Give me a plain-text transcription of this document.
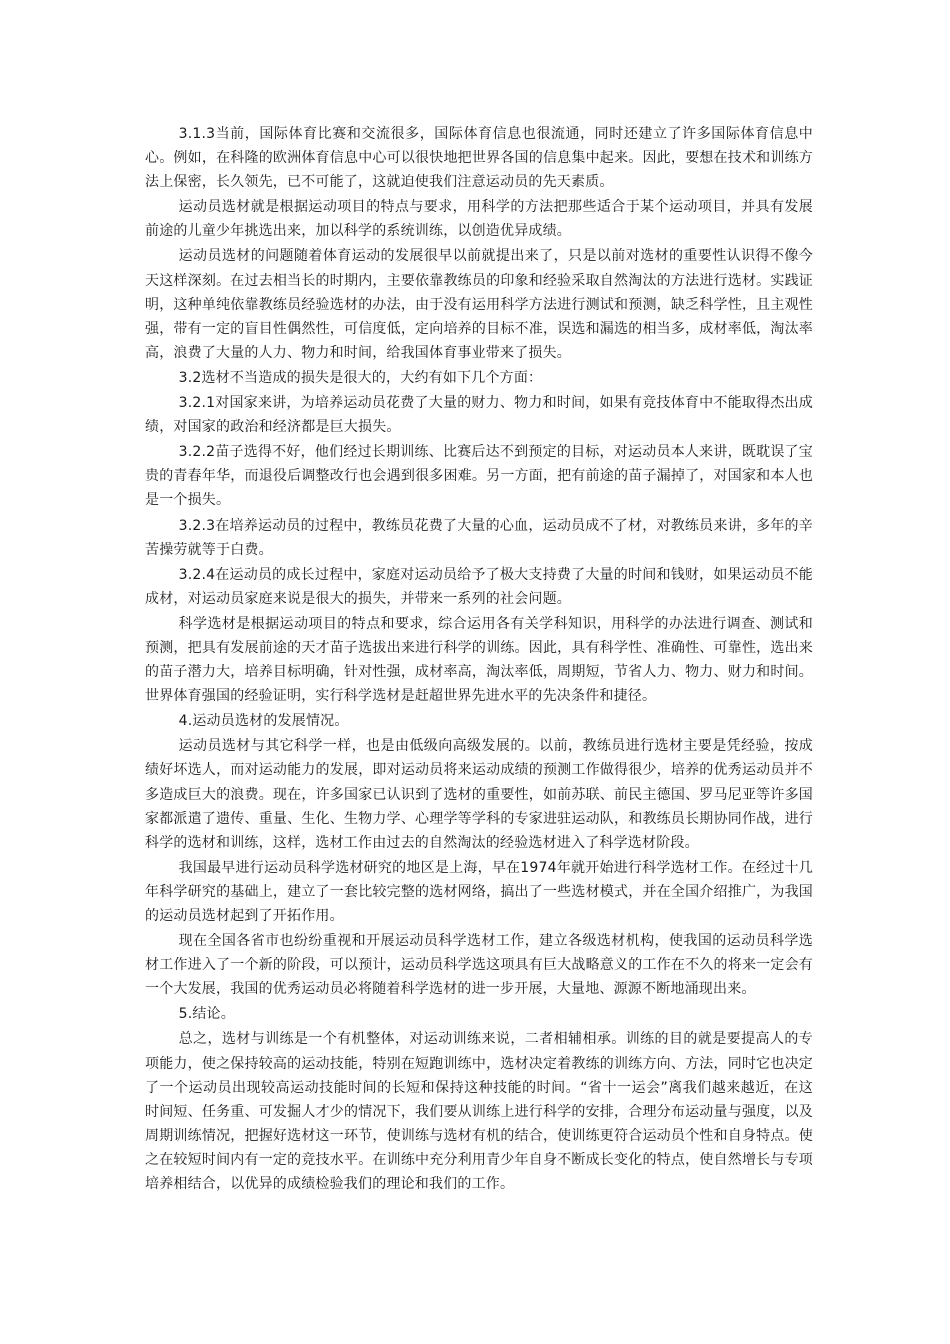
3.1.3当前，国际体育比赛和交流很多，国际体育信息也很流通，同时还建立了许多国际体育信息中心。例如，在科隆的欧洲体育信息中心可以很快地把世界各国的信息集中起来。因此，要想在技术和训练方法上保密，长久领先，已不可能了，这就迫使我们注意运动员的先天素质。

运动员选材就是根据运动项目的特点与要求，用科学的方法把那些适合于某个运动项目，并具有发展前途的儿童少年挑选出来，加以科学的系统训练，以创造优异成绩。

运动员选材的问题随着体育运动的发展很早以前就提出来了，只是以前对选材的重要性认识得不像今天这样深刻。在过去相当长的时期内，主要依靠教练员的印象和经验采取自然淘汰的方法进行选材。实践证明，这种单纯依靠教练员经验选材的办法，由于没有运用科学方法进行测试和预测，缺乏科学性，且主观性强，带有一定的盲目性偶然性，可信度低，定向培养的目标不准，误选和漏选的相当多，成材率低，淘汰率高，浪费了大量的人力、物力和时间，给我国体育事业带来了损失。

3.2选材不当造成的损失是很大的，大约有如下几个方面：

3.2.1对国家来讲，为培养运动员花费了大量的财力、物力和时间，如果有竞技体育中不能取得杰出成绩，对国家的政治和经济都是巨大损失。

3.2.2苗子选得不好，他们经过长期训练、比赛后达不到预定的目标，对运动员本人来讲，既耽误了宝贵的青春年华，而退役后调整改行也会遇到很多困难。另一方面，把有前途的苗子漏掉了，对国家和本人也是一个损失。

3.2.3在培养运动员的过程中，教练员花费了大量的心血，运动员成不了材，对教练员来讲，多年的辛苦操劳就等于白费。

3.2.4在运动员的成长过程中，家庭对运动员给予了极大支持费了大量的时间和钱财，如果运动员不能成材，对运动员家庭来说是很大的损失，并带来一系列的社会问题。

科学选材是根据运动项目的特点和要求，综合运用各有关学科知识，用科学的办法进行调查、测试和预测，把具有发展前途的天才苗子选拔出来进行科学的训练。因此，具有科学性、准确性、可靠性，选出来的苗子潜力大，培养目标明确，针对性强，成材率高，淘汰率低，周期短，节省人力、物力、财力和时间。世界体育强国的经验证明，实行科学选材是赶超世界先进水平的先决条件和捷径。

4.运动员选材的发展情况。

运动员选材与其它科学一样，也是由低级向高级发展的。以前，教练员进行选材主要是凭经验，按成绩好坏选人，而对运动能力的发展，即对运动员将来运动成绩的预测工作做得很少，培养的优秀运动员并不多造成巨大的浪费。现在，许多国家已认识到了选材的重要性，如前苏联、前民主德国、罗马尼亚等许多国家都派遣了遗传、重量、生化、生物力学、心理学等学科的专家进驻运动队，和教练员长期协同作战，进行科学的选材和训练，这样，选材工作由过去的自然淘汰的经验选材进入了科学选材阶段。

我国最早进行运动员科学选材研究的地区是上海，早在1974年就开始进行科学选材工作。在经过十几年科学研究的基础上，建立了一套比较完整的选材网络，搞出了一些选材模式，并在全国介绍推广，为我国的运动员选材起到了开拓作用。

现在全国各省市也纷纷重视和开展运动员科学选材工作，建立各级选材机构，使我国的运动员科学选材工作进入了一个新的阶段，可以预计，运动员科学选这项具有巨大战略意义的工作在不久的将来一定会有一个大发展，我国的优秀运动员必将随着科学选材的进一步开展，大量地、源源不断地涌现出来。

5.结论。

总之，选材与训练是一个有机整体，对运动训练来说，二者相辅相承。训练的目的就是要提高人的专项能力，使之保持较高的运动技能，特别在短跑训练中，选材决定着教练的训练方向、方法，同时它也决定了一个运动员出现较高运动技能时间的长短和保持这种技能的时间。“省十一运会”离我们越来越近，在这时间短、任务重、可发掘人才少的情况下，我们要从训练上进行科学的安排，合理分布运动量与强度，以及周期训练情况，把握好选材这一环节，使训练与选材有机的结合，使训练更符合运动员个性和自身特点。使之在较短时间内有一定的竞技水平。在训练中充分利用青少年自身不断成长变化的特点，使自然增长与专项培养相结合，以优异的成绩检验我们的理论和我们的工作。
